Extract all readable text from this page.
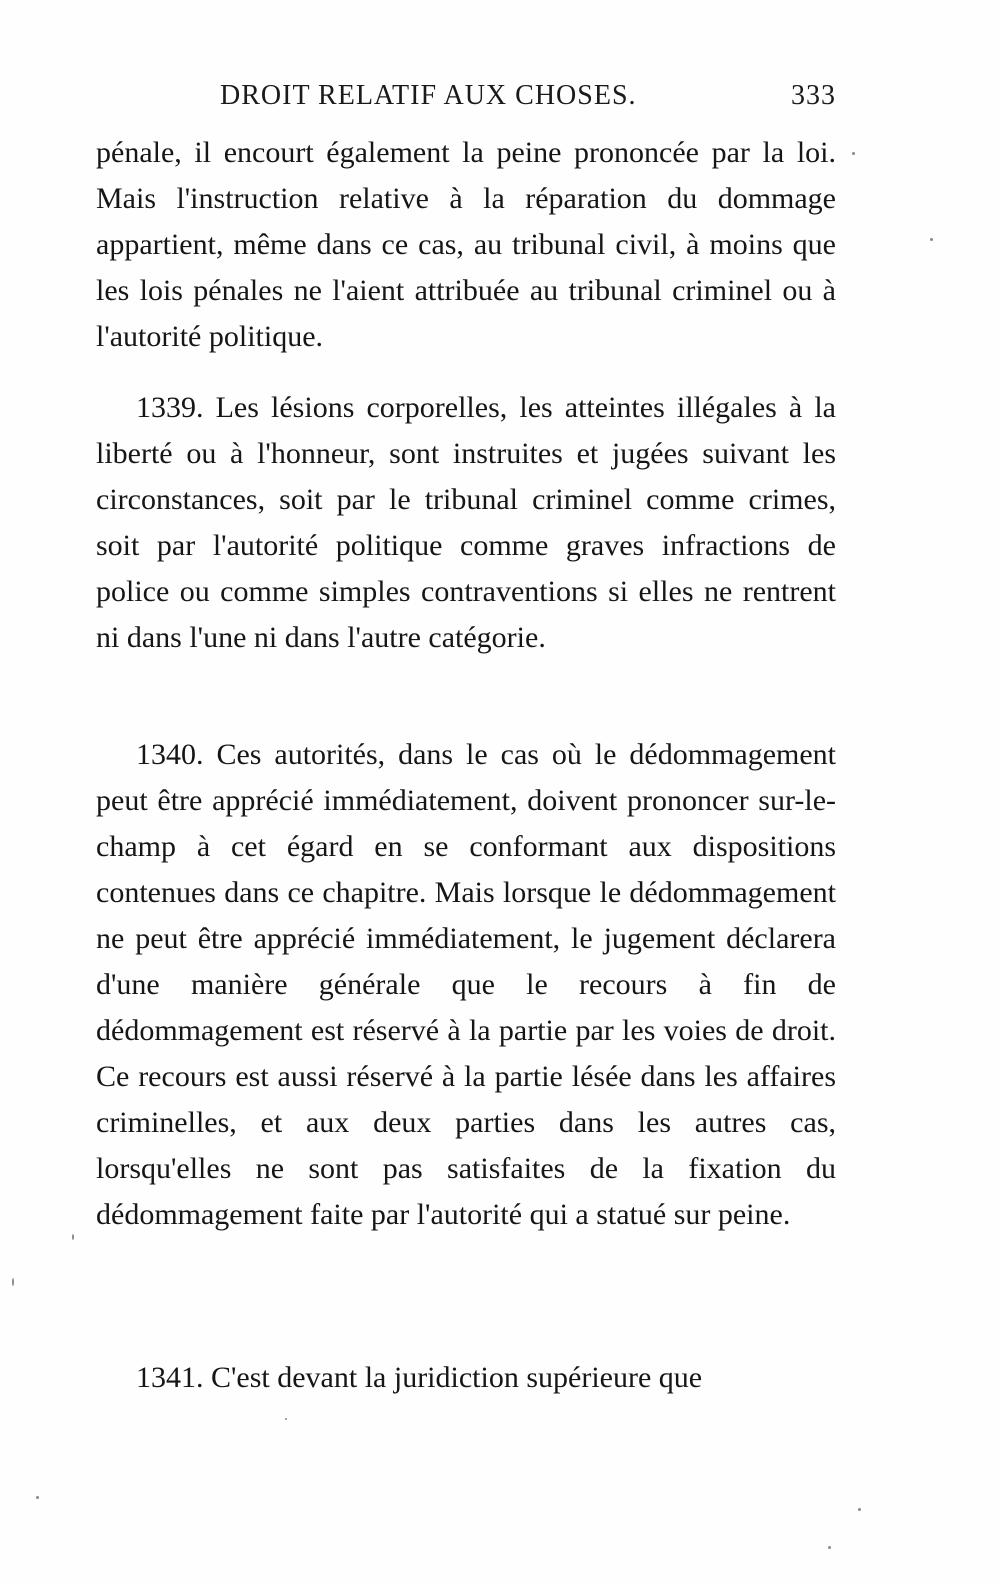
DROIT RELATIF AUX CHOSES.	333

pénale, il encourt également la peine prononcée par la loi. Mais l'instruction relative à la réparation du dommage appartient, même dans ce cas, au tribunal civil, à moins que les lois pénales ne l'aient attribuée au tribunal criminel ou à l'autorité politique.

1339. Les lésions corporelles, les atteintes illégales à la liberté ou à l'honneur, sont instruites et jugées suivant les circonstances, soit par le tribunal criminel comme crimes, soit par l'autorité politique comme graves infractions de police ou comme simples contraventions si elles ne rentrent ni dans l'une ni dans l'autre catégorie.

1340. Ces autorités, dans le cas où le dédommagement peut être apprécié immédiatement, doivent prononcer sur-le-champ à cet égard en se conformant aux dispositions contenues dans ce chapitre. Mais lorsque le dédommagement ne peut être apprécié immédiatement, le jugement déclarera d'une manière générale que le recours à fin de dédommagement est réservé à la partie par les voies de droit. Ce recours est aussi réservé à la partie lésée dans les affaires criminelles, et aux deux parties dans les autres cas, lorsqu'elles ne sont pas satisfaites de la fixation du dédommagement faite par l'autorité qui a statué sur peine.

1341. C'est devant la juridiction supérieure que
